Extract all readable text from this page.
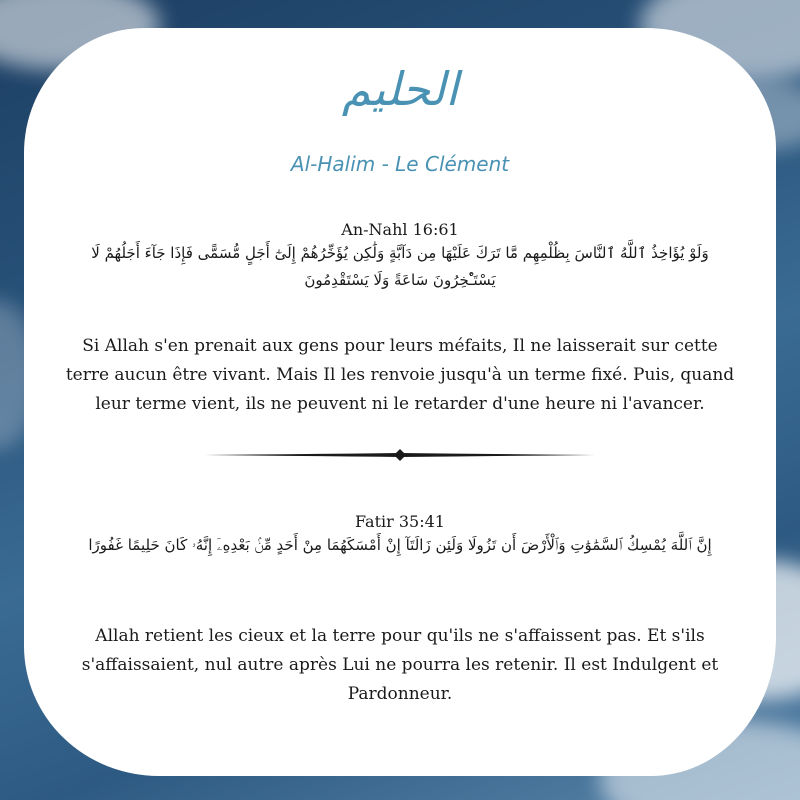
الحليم
Al-Halim - Le Clément
An-Nahl 16:61
وَلَوْ يُؤَاخِذُ ٱللَّهُ ٱلنَّاسَ بِظُلْمِهِم مَّا تَرَكَ عَلَيْهَا مِن دَآبَّةٍ وَلَٰكِن يُؤَخِّرُهُمْ إِلَىٰٓ أَجَلٍ مُّسَمًّى فَإِذَا جَآءَ أَجَلُهُمْ لَا يَسْتَـْٔخِرُونَ سَاعَةً وَلَا يَسْتَقْدِمُونَ
Si Allah s'en prenait aux gens pour leurs méfaits, Il ne laisserait sur cette terre aucun être vivant. Mais Il les renvoie jusqu'à un terme fixé. Puis, quand leur terme vient, ils ne peuvent ni le retarder d'une heure ni l'avancer.
Fatir 35:41
إِنَّ ٱللَّهَ يُمْسِكُ ٱلسَّمَٰوَٰتِ وَٱلْأَرْضَ أَن تَزُولَا وَلَئِن زَالَتَآ إِنْ أَمْسَكَهُمَا مِنْ أَحَدٍ مِّنۢ بَعْدِهِۦٓ إِنَّهُۥ كَانَ حَلِيمًا غَفُورًا
Allah retient les cieux et la terre pour qu'ils ne s'affaissent pas. Et s'ils s'affaissaient, nul autre après Lui ne pourra les retenir. Il est Indulgent et Pardonneur.
